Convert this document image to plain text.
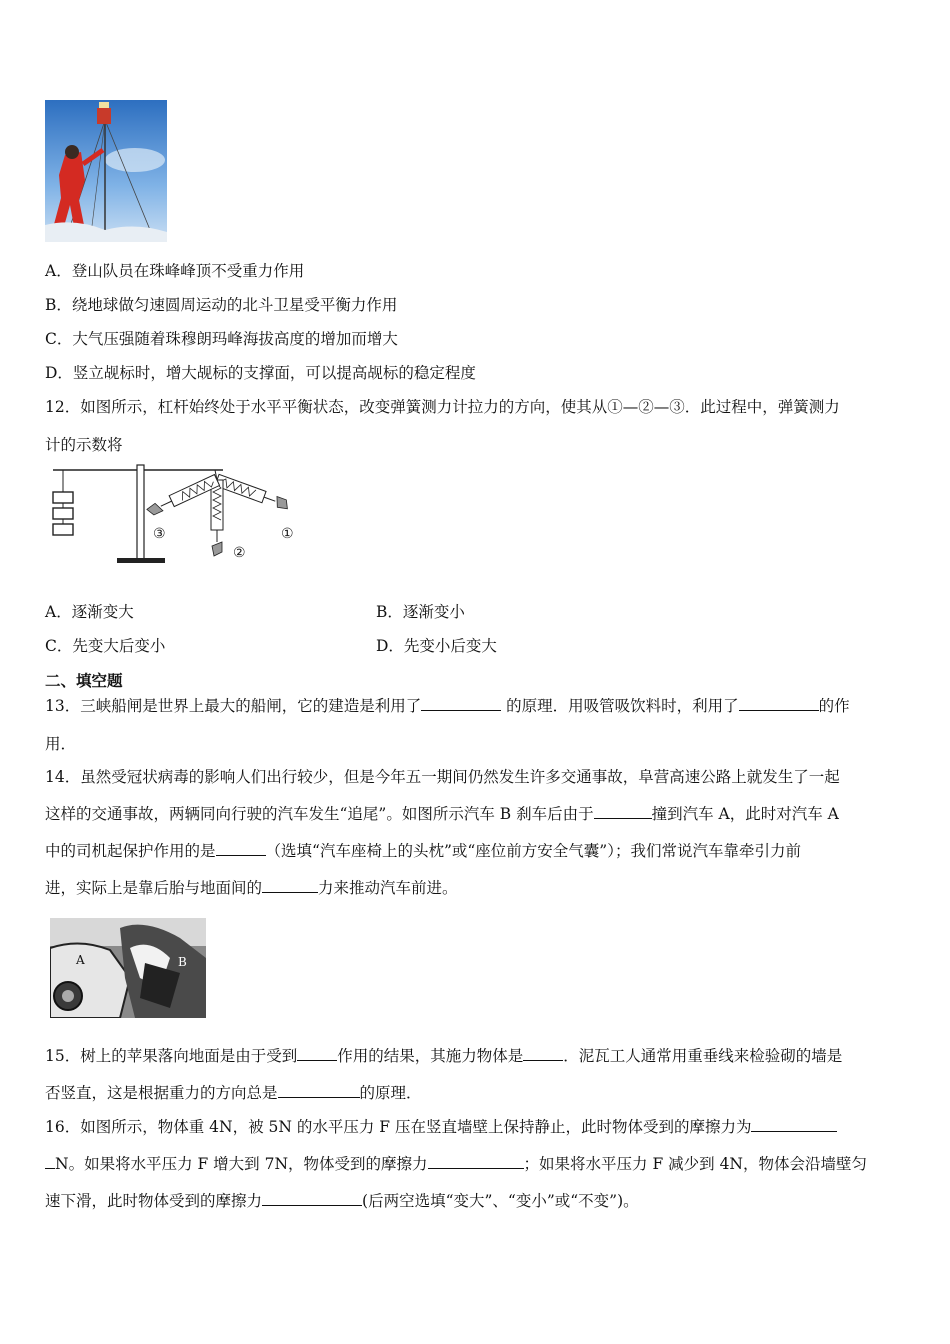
A．登山队员在珠峰峰顶不受重力作用
B．绕地球做匀速圆周运动的北斗卫星受平衡力作用
C．大气压强随着珠穆朗玛峰海拔高度的增加而增大
D．竖立觇标时，增大觇标的支撑面，可以提高觇标的稳定程度
12．如图所示，杠杆始终处于水平平衡状态，改变弹簧测力计拉力的方向，使其从①—②—③．此过程中，弹簧测力
计的示数将
①
②
③
A．逐渐变大	B．逐渐变小
C．先变大后变小	D．先变小后变大
二、填空题
13．三峡船闸是世界上最大的船闸，它的建造是利用了	的原理．用吸管吸饮料时，利用了	的作
用．
14．虽然受冠状病毒的影响人们出行较少，但是今年五一期间仍然发生许多交通事故，阜营高速公路上就发生了一起
这样的交通事故，两辆同向行驶的汽车发生“追尾”。如图所示汽车 B 刹车后由于	撞到汽车 A，此时对汽车 A
中的司机起保护作用的是	（选填“汽车座椅上的头枕”或“座位前方安全气囊”）；我们常说汽车靠牵引力前
进，实际上是靠后胎与地面间的	力来推动汽车前进。
A	B
15．树上的苹果落向地面是由于受到	作用的结果，其施力物体是	．泥瓦工人通常用重垂线来检验砌的墙是
否竖直，这是根据重力的方向总是	的原理．
16．如图所示，物体重 4N，被 5N 的水平压力 F 压在竖直墙壁上保持静止，此时物体受到的摩擦力为
N。如果将水平压力 F 增大到 7N，物体受到的摩擦力	；如果将水平压力 F 减少到 4N，物体会沿墙壁匀
速下滑，此时物体受到的摩擦力	(后两空选填“变大”、“变小”或“不变”)。
